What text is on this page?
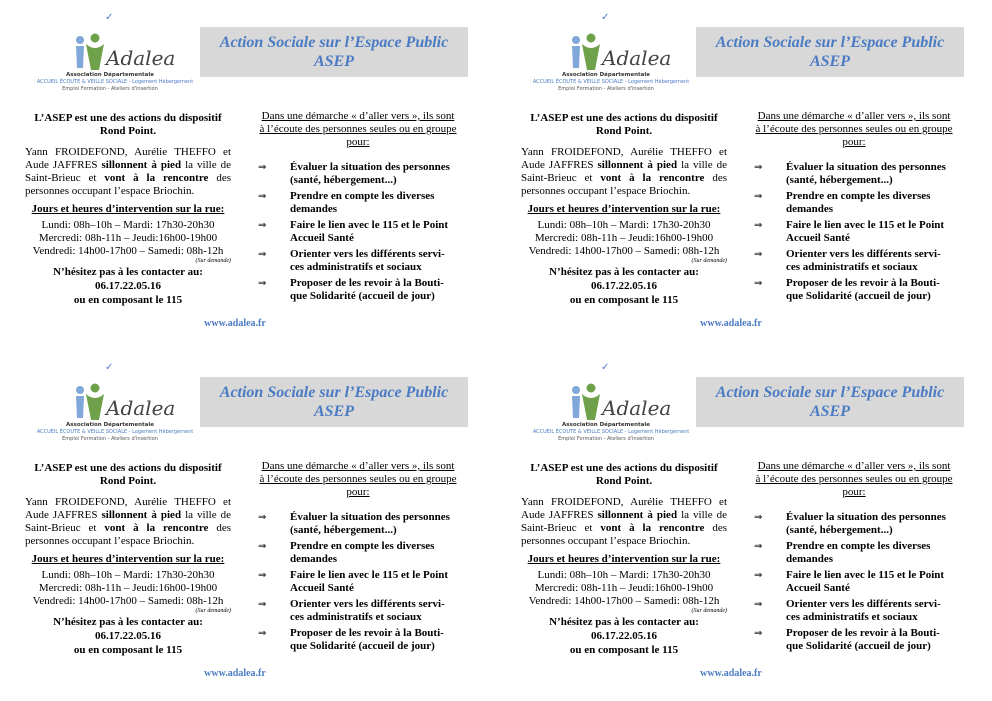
✓
Adalea
Association Départementale
ACCUEIL ÉCOUTE & VEILLE SOCIALE - Logement Hébergement
Emploi Formation - Ateliers d'insertion
Action Sociale sur l’Espace Public
ASEP
L’ASEP est une des actions du dispositif Rond Point.
Yann FROIDEFOND, Aurélie THEFFO et Aude JAFFRES sillonnent à pied la ville de Saint-Brieuc et vont à la rencontre des personnes occupant l’espace Briochin.
Jours et heures d’intervention sur la rue:
Lundi: 08h–10h – Mardi: 17h30-20h30
Mercredi: 08h-11h – Jeudi:16h00-19h00
Vendredi: 14h00-17h00 – Samedi: 08h-12h
(Sur demande)
N’hésitez pas à les contacter au:
06.17.22.05.16
ou en composant le 115
Dans une démarche « d’aller vers », ils sont à l’écoute des personnes seules ou en groupe pour:
⇒	Évaluer la situation des personnes (santé, hébergement...)
⇒	Prendre en compte les diverses demandes
⇒	Faire le lien avec le 115 et le Point Accueil Santé
⇒	Orienter vers les différents servi-ces administratifs et sociaux
⇒	Proposer de les revoir à la Bouti-que Solidarité (accueil de jour)
www.adalea.fr
✓
Adalea
Association Départementale
ACCUEIL ÉCOUTE & VEILLE SOCIALE - Logement Hébergement
Emploi Formation - Ateliers d'insertion
Action Sociale sur l’Espace Public
ASEP
L’ASEP est une des actions du dispositif Rond Point.
Yann FROIDEFOND, Aurélie THEFFO et Aude JAFFRES sillonnent à pied la ville de Saint-Brieuc et vont à la rencontre des personnes occupant l’espace Briochin.
Jours et heures d’intervention sur la rue:
Lundi: 08h–10h – Mardi: 17h30-20h30
Mercredi: 08h-11h – Jeudi:16h00-19h00
Vendredi: 14h00-17h00 – Samedi: 08h-12h
(Sur demande)
N’hésitez pas à les contacter au:
06.17.22.05.16
ou en composant le 115
Dans une démarche « d’aller vers », ils sont à l’écoute des personnes seules ou en groupe pour:
⇒	Évaluer la situation des personnes (santé, hébergement...)
⇒	Prendre en compte les diverses demandes
⇒	Faire le lien avec le 115 et le Point Accueil Santé
⇒	Orienter vers les différents servi-ces administratifs et sociaux
⇒	Proposer de les revoir à la Bouti-que Solidarité (accueil de jour)
www.adalea.fr
✓
Adalea
Association Départementale
ACCUEIL ÉCOUTE & VEILLE SOCIALE - Logement Hébergement
Emploi Formation - Ateliers d'insertion
Action Sociale sur l’Espace Public
ASEP
L’ASEP est une des actions du dispositif Rond Point.
Yann FROIDEFOND, Aurélie THEFFO et Aude JAFFRES sillonnent à pied la ville de Saint-Brieuc et vont à la rencontre des personnes occupant l’espace Briochin.
Jours et heures d’intervention sur la rue:
Lundi: 08h–10h – Mardi: 17h30-20h30
Mercredi: 08h-11h – Jeudi:16h00-19h00
Vendredi: 14h00-17h00 – Samedi: 08h-12h
(Sur demande)
N’hésitez pas à les contacter au:
06.17.22.05.16
ou en composant le 115
Dans une démarche « d’aller vers », ils sont à l’écoute des personnes seules ou en groupe pour:
⇒	Évaluer la situation des personnes (santé, hébergement...)
⇒	Prendre en compte les diverses demandes
⇒	Faire le lien avec le 115 et le Point Accueil Santé
⇒	Orienter vers les différents servi-ces administratifs et sociaux
⇒	Proposer de les revoir à la Bouti-que Solidarité (accueil de jour)
www.adalea.fr
✓
Adalea
Association Départementale
ACCUEIL ÉCOUTE & VEILLE SOCIALE - Logement Hébergement
Emploi Formation - Ateliers d'insertion
Action Sociale sur l’Espace Public
ASEP
L’ASEP est une des actions du dispositif Rond Point.
Yann FROIDEFOND, Aurélie THEFFO et Aude JAFFRES sillonnent à pied la ville de Saint-Brieuc et vont à la rencontre des personnes occupant l’espace Briochin.
Jours et heures d’intervention sur la rue:
Lundi: 08h–10h – Mardi: 17h30-20h30
Mercredi: 08h-11h – Jeudi:16h00-19h00
Vendredi: 14h00-17h00 – Samedi: 08h-12h
(Sur demande)
N’hésitez pas à les contacter au:
06.17.22.05.16
ou en composant le 115
Dans une démarche « d’aller vers », ils sont à l’écoute des personnes seules ou en groupe pour:
⇒	Évaluer la situation des personnes (santé, hébergement...)
⇒	Prendre en compte les diverses demandes
⇒	Faire le lien avec le 115 et le Point Accueil Santé
⇒	Orienter vers les différents servi-ces administratifs et sociaux
⇒	Proposer de les revoir à la Bouti-que Solidarité (accueil de jour)
www.adalea.fr
